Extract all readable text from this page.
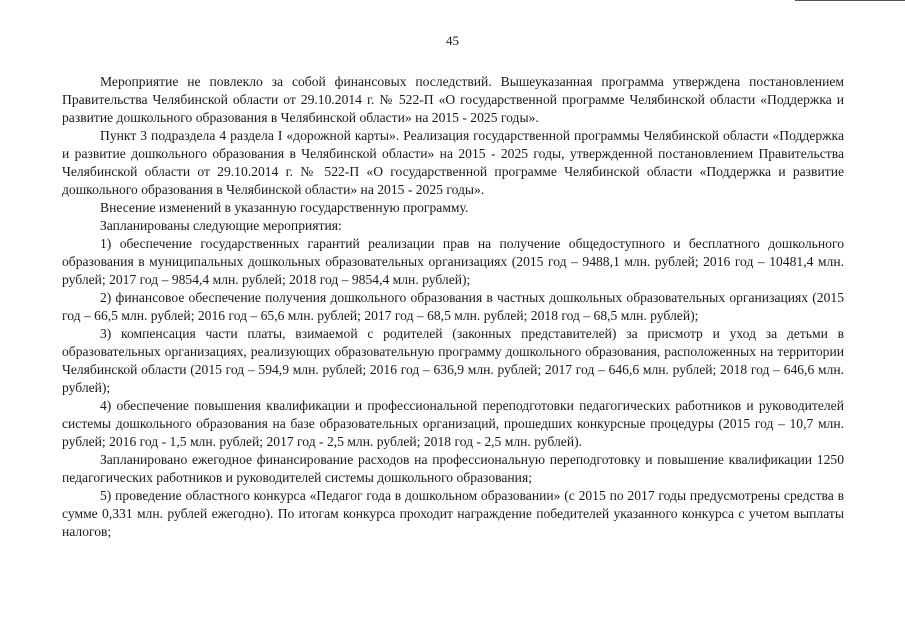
45

Мероприятие не повлекло за собой финансовых последствий. Вышеуказанная программа утверждена постановлением Правительства Челябинской области от 29.10.2014 г. № 522-П «О государственной программе Челябинской области «Поддержка и развитие дошкольного образования в Челябинской области» на 2015 - 2025 годы».

Пункт 3 подраздела 4 раздела I «дорожной карты». Реализация государственной программы Челябинской области «Поддержка и развитие дошкольного образования в Челябинской области» на 2015 - 2025 годы, утвержденной постановлением Правительства Челябинской области от 29.10.2014 г. № 522-П «О государственной программе Челябинской области «Поддержка и развитие дошкольного образования в Челябинской области» на 2015 - 2025 годы».

Внесение изменений в указанную государственную программу.

Запланированы следующие мероприятия:

1) обеспечение государственных гарантий реализации прав на получение общедоступного и бесплатного дошкольного образования в муниципальных дошкольных образовательных организациях (2015 год – 9488,1 млн. рублей; 2016 год – 10481,4 млн. рублей; 2017 год – 9854,4 млн. рублей; 2018 год – 9854,4 млн. рублей);

2) финансовое обеспечение получения дошкольного образования в частных дошкольных образовательных организациях (2015 год – 66,5 млн. рублей; 2016 год – 65,6 млн. рублей; 2017 год – 68,5 млн. рублей; 2018 год – 68,5 млн. рублей);

3) компенсация части платы, взимаемой с родителей (законных представителей) за присмотр и уход за детьми в образовательных организациях, реализующих образовательную программу дошкольного образования, расположенных на территории Челябинской области (2015 год – 594,9 млн. рублей; 2016 год – 636,9 млн. рублей; 2017 год – 646,6 млн. рублей; 2018 год – 646,6 млн. рублей);

4) обеспечение повышения квалификации и профессиональной переподготовки педагогических работников и руководителей системы дошкольного образования на базе образовательных организаций, прошедших конкурсные процедуры (2015 год – 10,7 млн. рублей; 2016 год - 1,5 млн. рублей; 2017 год - 2,5 млн. рублей; 2018 год - 2,5 млн. рублей).

Запланировано ежегодное финансирование расходов на профессиональную переподготовку и повышение квалификации 1250 педагогических работников и руководителей системы дошкольного образования;

5) проведение областного конкурса «Педагог года в дошкольном образовании» (с 2015 по 2017 годы предусмотрены средства в сумме 0,331 млн. рублей ежегодно). По итогам конкурса проходит награждение победителей указанного конкурса с учетом выплаты налогов;
